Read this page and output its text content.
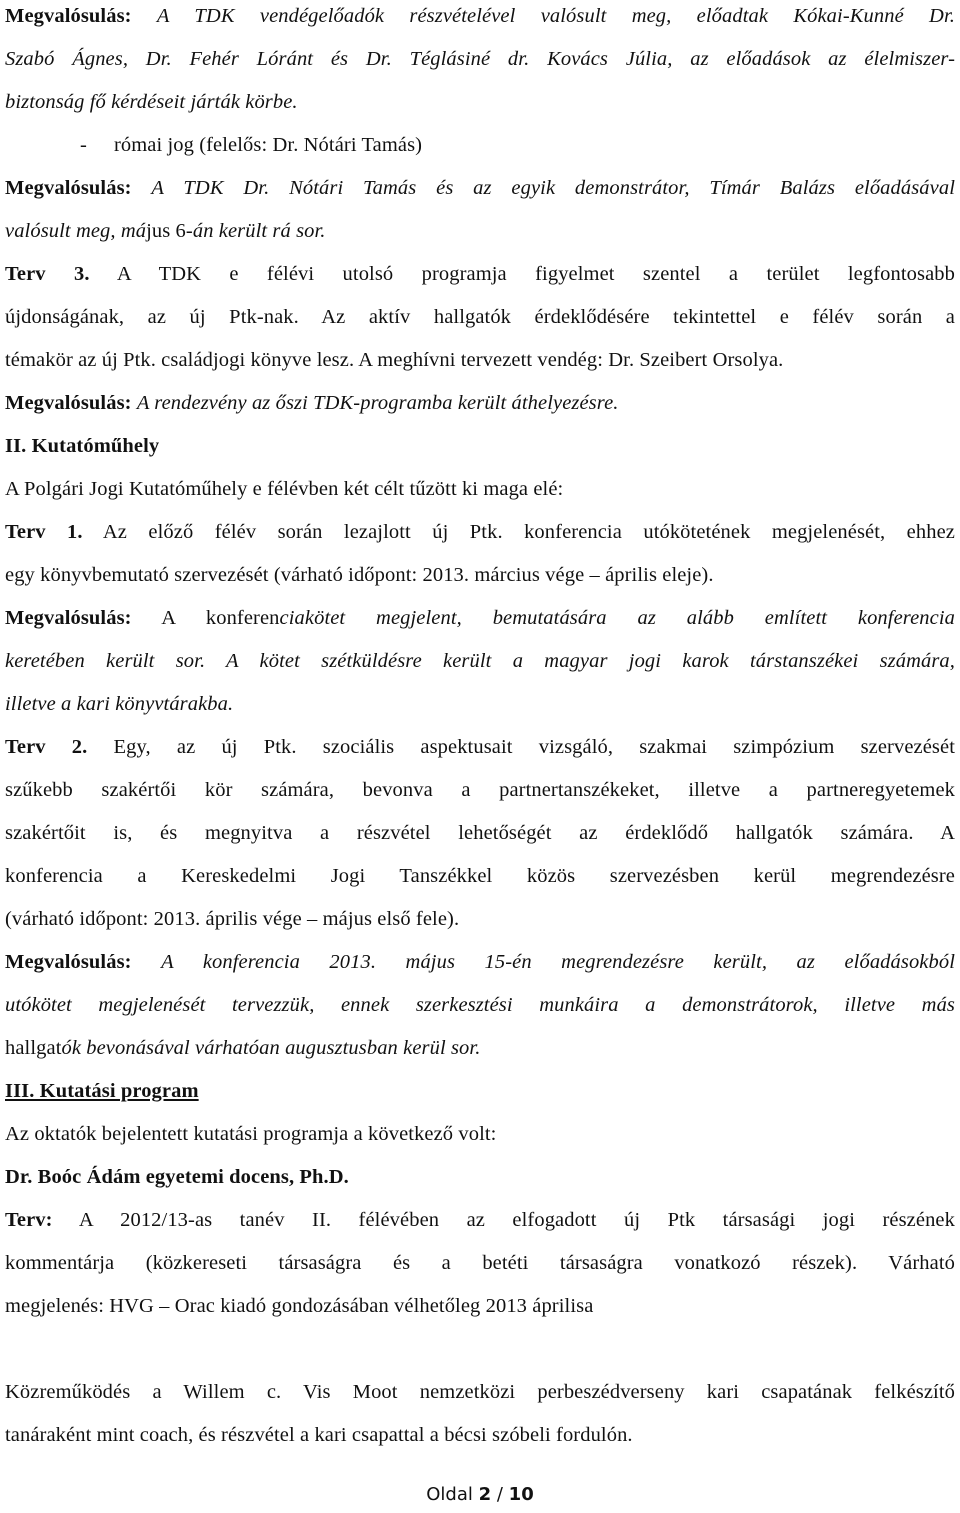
Megvalósulás: A TDK vendégelőadók részvételével valósult meg, előadtak Kókai-Kunné Dr.
Szabó Ágnes, Dr. Fehér Lóránt és Dr. Téglásiné dr. Kovács Júlia, az előadások az élelmiszer-
biztonság fő kérdéseit járták körbe.
- római jog (felelős: Dr. Nótári Tamás)
Megvalósulás: A TDK Dr. Nótári Tamás és az egyik demonstrátor, Tímár Balázs előadásával
valósult meg, május 6-án került rá sor.
Terv 3. A TDK e félévi utolsó programja figyelmet szentel a terület legfontosabb
újdonságának, az új Ptk-nak. Az aktív hallgatók érdeklődésére tekintettel e félév során a
témakör az új Ptk. családjogi könyve lesz. A meghívni tervezett vendég: Dr. Szeibert Orsolya.
Megvalósulás: A rendezvény az őszi TDK-programba került áthelyezésre.
II. Kutatóműhely
A Polgári Jogi Kutatóműhely e félévben két célt tűzött ki maga elé:
Terv 1. Az előző félév során lezajlott új Ptk. konferencia utókötetének megjelenését, ehhez
egy könyvbemutató szervezését (várható időpont: 2013. március vége – április eleje).
Megvalósulás: A konferenciakötet megjelent, bemutatására az alább említett konferencia
keretében került sor. A kötet szétküldésre került a magyar jogi karok társtanszékei számára,
illetve a kari könyvtárakba.
Terv 2. Egy, az új Ptk. szociális aspektusait vizsgáló, szakmai szimpózium szervezését
szűkebb szakértői kör számára, bevonva a partnertanszékeket, illetve a partneregyetemek
szakértőit is, és megnyitva a részvétel lehetőségét az érdeklődő hallgatók számára. A
konferencia a Kereskedelmi Jogi Tanszékkel közös szervezésben kerül megrendezésre
(várható időpont: 2013. április vége – május első fele).
Megvalósulás: A konferencia 2013. május 15-én megrendezésre került, az előadásokból
utókötet megjelenését tervezzük, ennek szerkesztési munkáira a demonstrátorok, illetve más
hallgatók bevonásával várhatóan augusztusban kerül sor.
III. Kutatási program
Az oktatók bejelentett kutatási programja a következő volt:
Dr. Boóc Ádám egyetemi docens, Ph.D.
Terv: A 2012/13-as tanév II. félévében az elfogadott új Ptk társasági jogi részének
kommentárja (közkereseti társaságra és a betéti társaságra vonatkozó részek). Várható
megjelenés: HVG – Orac kiadó gondozásában vélhetőleg 2013 áprilisa
Közreműködés a Willem c. Vis Moot nemzetközi perbeszédverseny kari csapatának felkészítő
tanáraként mint coach, és részvétel a kari csapattal a bécsi szóbeli fordulón.
Oldal 2 / 10
